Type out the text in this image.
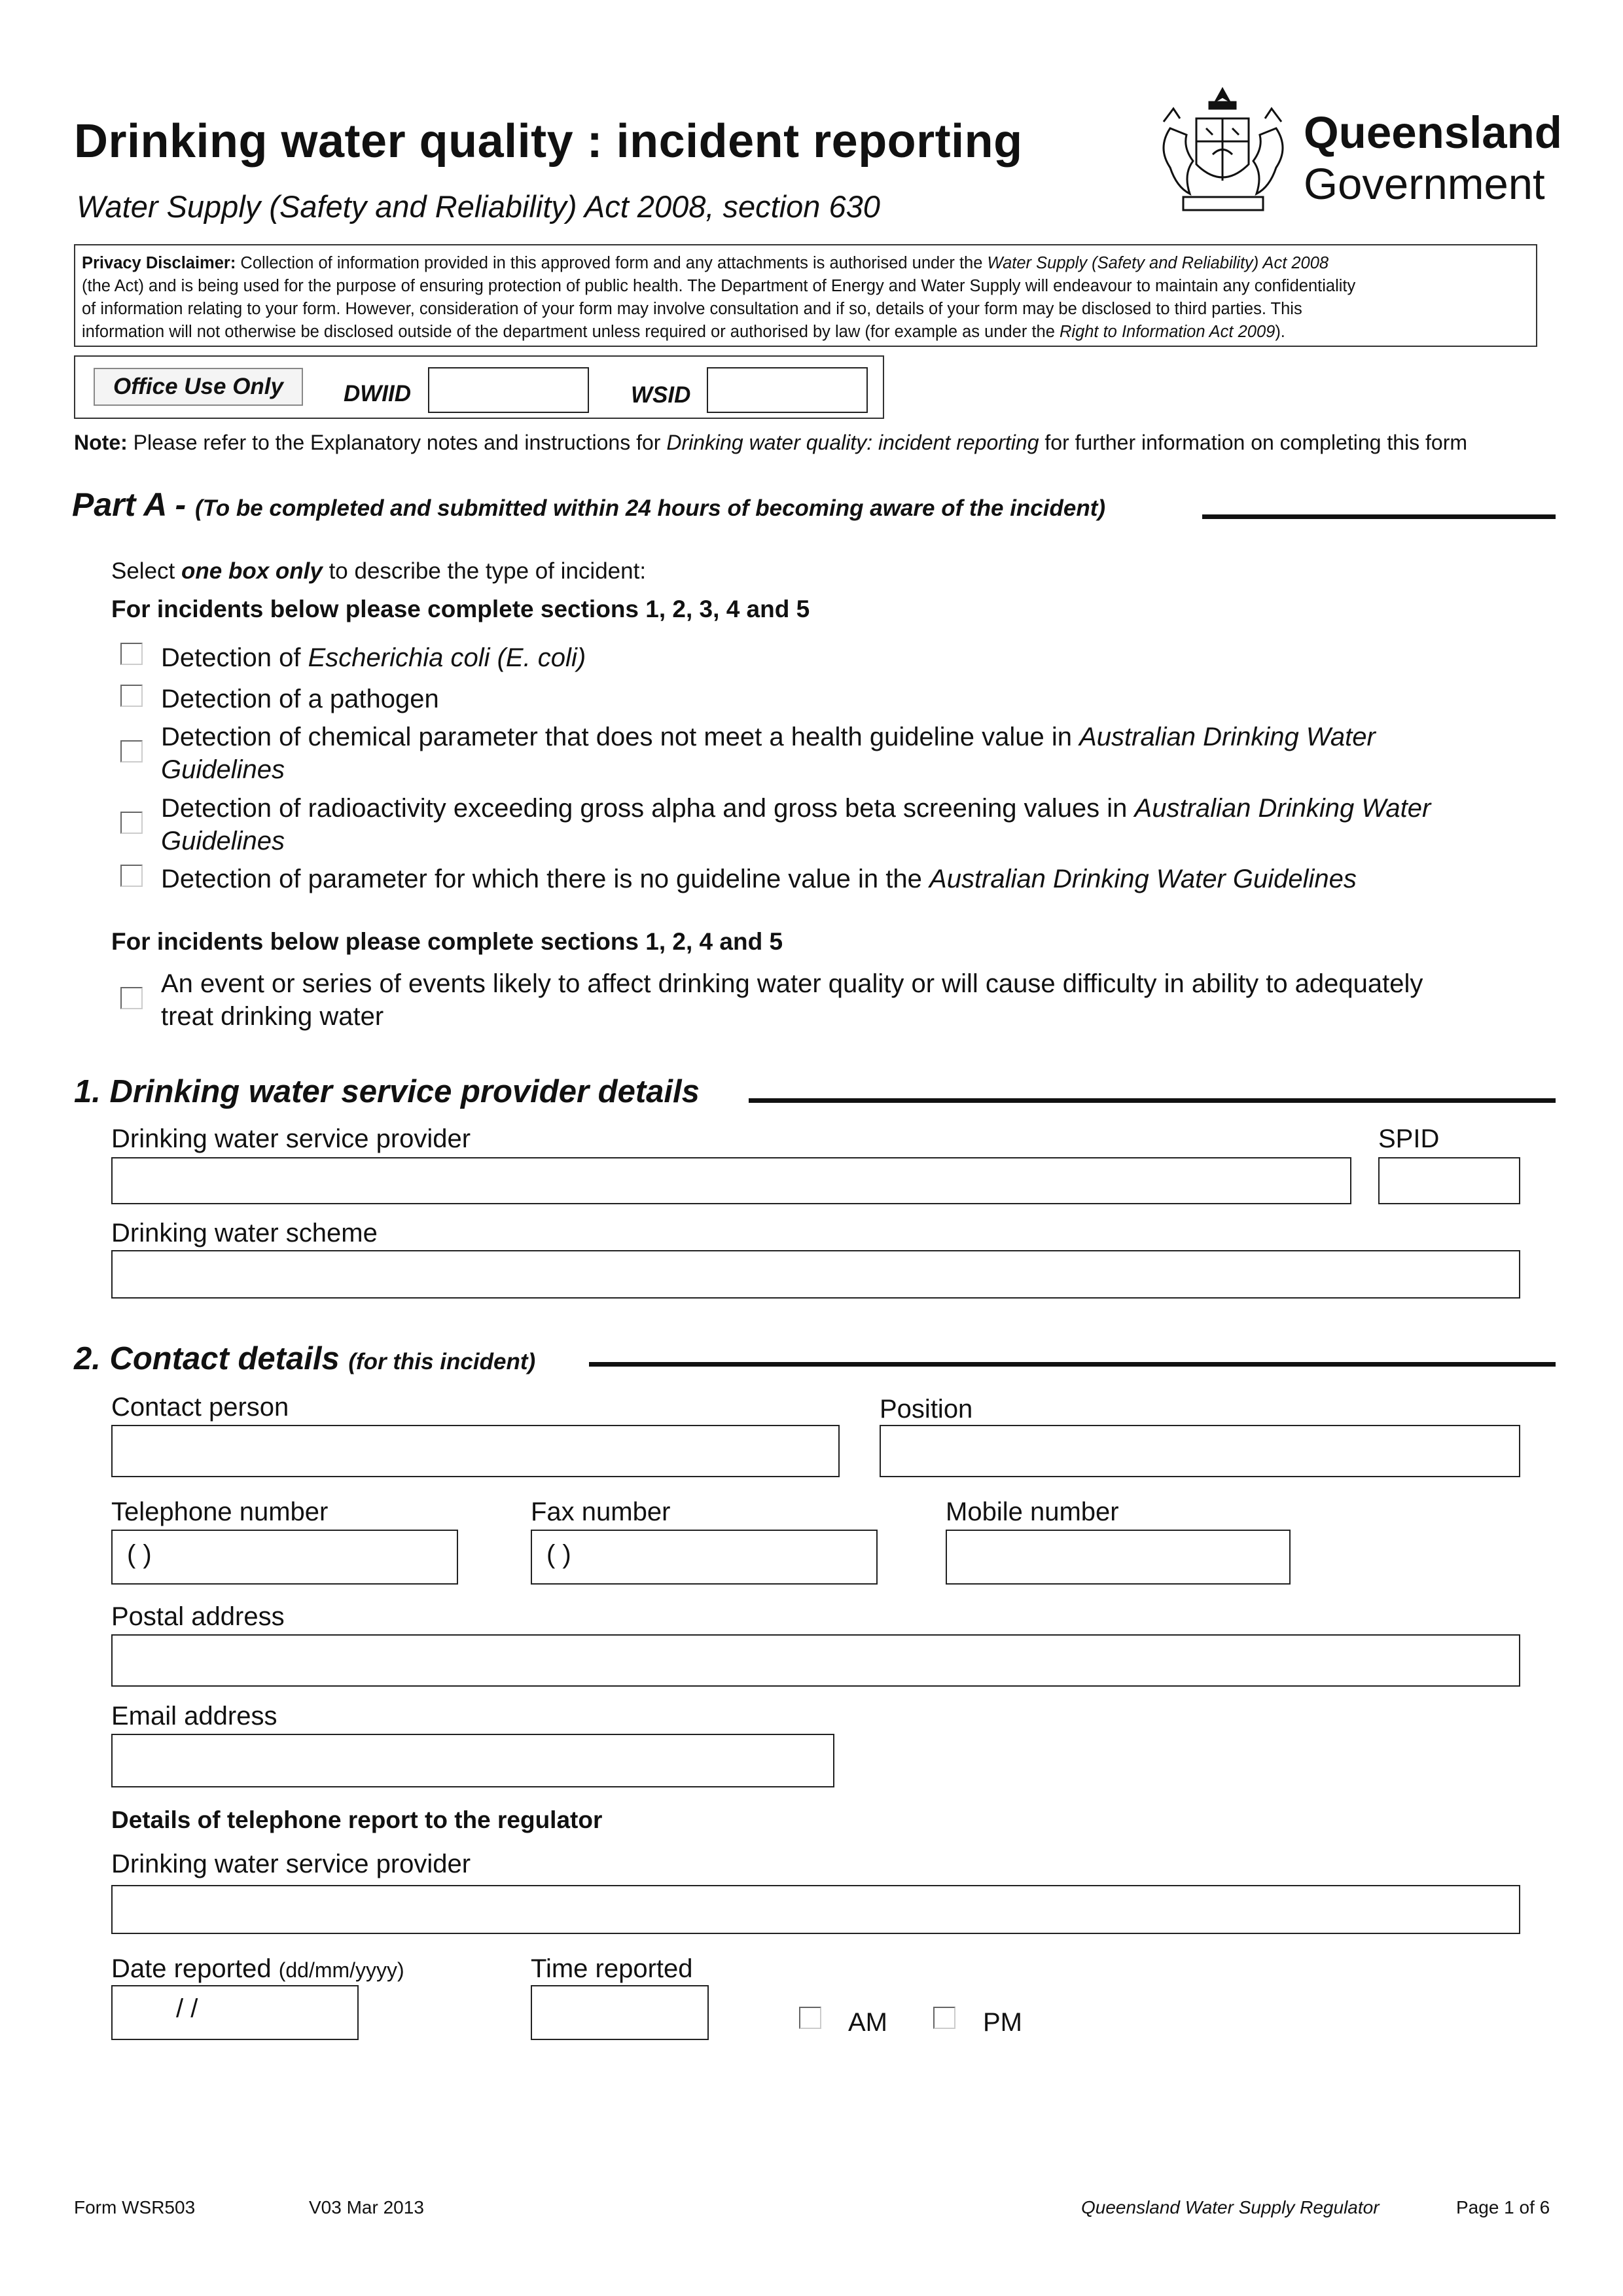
Drinking water quality : incident reporting
Water Supply (Safety and Reliability) Act 2008, section 630
Queensland
Government
Privacy Disclaimer: Collection of information provided in this approved form and any attachments is authorised under the Water Supply (Safety and Reliability) Act 2008
(the Act) and is being used for the purpose of ensuring protection of public health. The Department of Energy and Water Supply will endeavour to maintain any confidentiality
of information relating to your form. However, consideration of your form may involve consultation and if so, details of your form may be disclosed to third parties. This
information will not otherwise be disclosed outside of the department unless required or authorised by law (for example as under the Right to Information Act 2009).
Office Use Only	DWIID	WSID
Note: Please refer to the Explanatory notes and instructions for Drinking water quality: incident reporting for further information on completing this form
Part A - (To be completed and submitted within 24 hours of becoming aware of the incident)
Select one box only to describe the type of incident:
For incidents below please complete sections 1, 2, 3, 4 and 5
Detection of Escherichia coli (E. coli)
Detection of a pathogen
Detection of chemical parameter that does not meet a health guideline value in Australian Drinking Water
Guidelines
Detection of radioactivity exceeding gross alpha and gross beta screening values in Australian Drinking Water
Guidelines
Detection of parameter for which there is no guideline value in the Australian Drinking Water Guidelines
For incidents below please complete sections 1, 2, 4 and 5
An event or series of events likely to affect drinking water quality or will cause difficulty in ability to adequately
treat drinking water
1. Drinking water service provider details
Drinking water service provider	SPID
Drinking water scheme
2. Contact details (for this incident)
Contact person	Position
Telephone number	Fax number	Mobile number
( )	( )
Postal address
Email address
Details of telephone report to the regulator
Drinking water service provider
Date reported (dd/mm/yyyy)	Time reported
/ /	AM	PM
Form WSR503	V03 Mar 2013	Queensland Water Supply Regulator	Page 1 of 6
